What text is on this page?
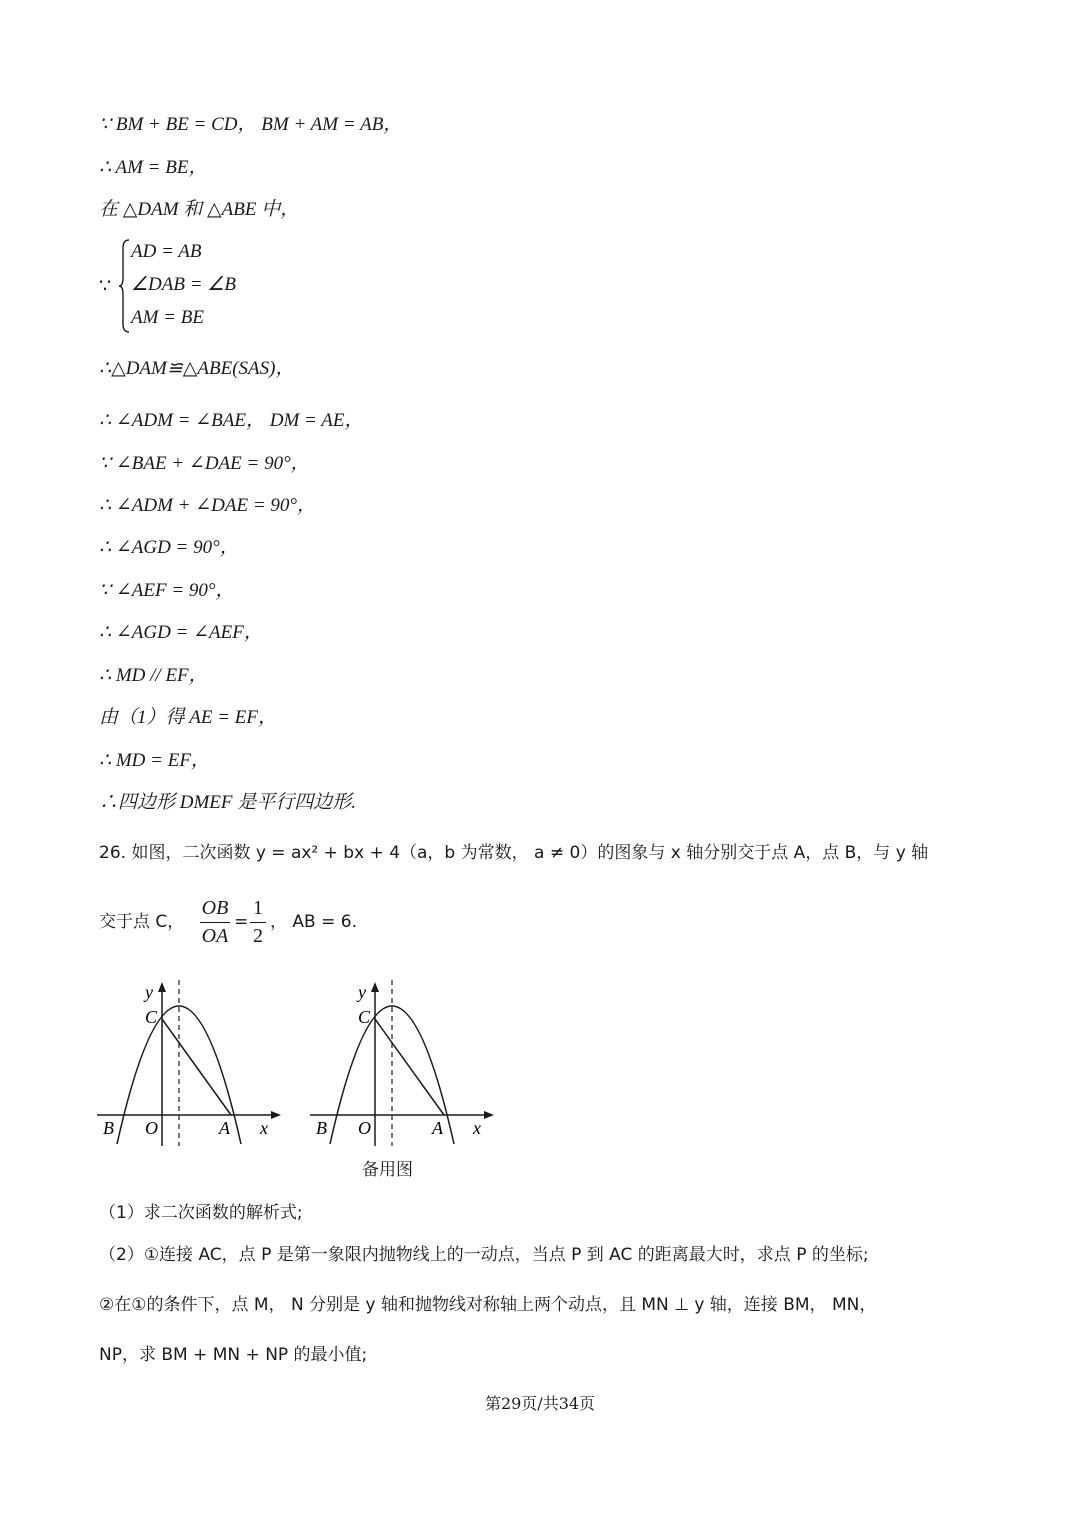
∵ BM + BE = CD， BM + AM = AB，
∴ AM = BE，
在 △DAM 和 △ABE 中，
∵
AD = AB
∠DAB = ∠B
AM = BE
∴△DAM≌△ABE(SAS)，
∴ ∠ADM = ∠BAE， DM = AE，
∵ ∠BAE + ∠DAE = 90°，
∴ ∠ADM + ∠DAE = 90°，
∴ ∠AGD = 90°，
∵ ∠AEF = 90°，
∴ ∠AGD = ∠AEF，
∴ MD // EF，
由（1）得 AE = EF，
∴ MD = EF，
∴四边形 DMEF 是平行四边形.
26. 如图，二次函数 y = ax² + bx + 4（a，b 为常数， a ≠ 0）的图象与 x 轴分别交于点 A，点 B，与 y 轴
交于点 C，
OB
OA
=
1
2
， AB = 6.
y
C
B O	A x
y
C
B O	A x
备用图
（1）求二次函数的解析式;
（2）①连接 AC，点 P 是第一象限内抛物线上的一动点，当点 P 到 AC 的距离最大时，求点 P 的坐标;
②在①的条件下，点 M， N 分别是 y 轴和抛物线对称轴上两个动点，且 MN ⊥ y 轴，连接 BM， MN，
NP，求 BM + MN + NP 的最小值;
第29页/共34页
